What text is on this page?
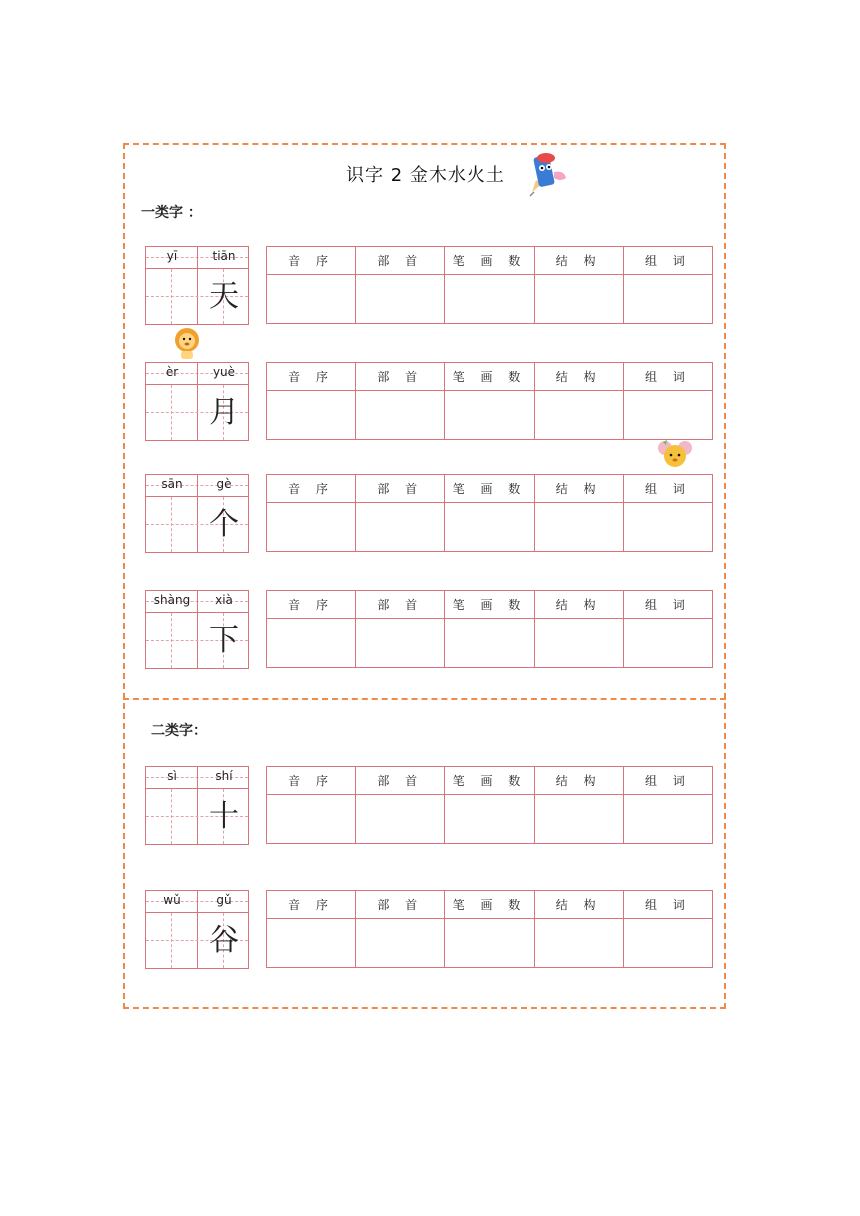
识字 2 金木水火土
一类字 ：
二类字：
yī	tiān
天
音 序	部 首	笔 画 数	结 构	组 词

èr	yuè
月
音 序	部 首	笔 画 数	结 构	组 词

sān	gè
个
音 序	部 首	笔 画 数	结 构	组 词

shàng	xià
下
音 序	部 首	笔 画 数	结 构	组 词

sì	shí
十
音 序	部 首	笔 画 数	结 构	组 词

wǔ	gǔ
谷
音 序	部 首	笔 画 数	结 构	组 词
